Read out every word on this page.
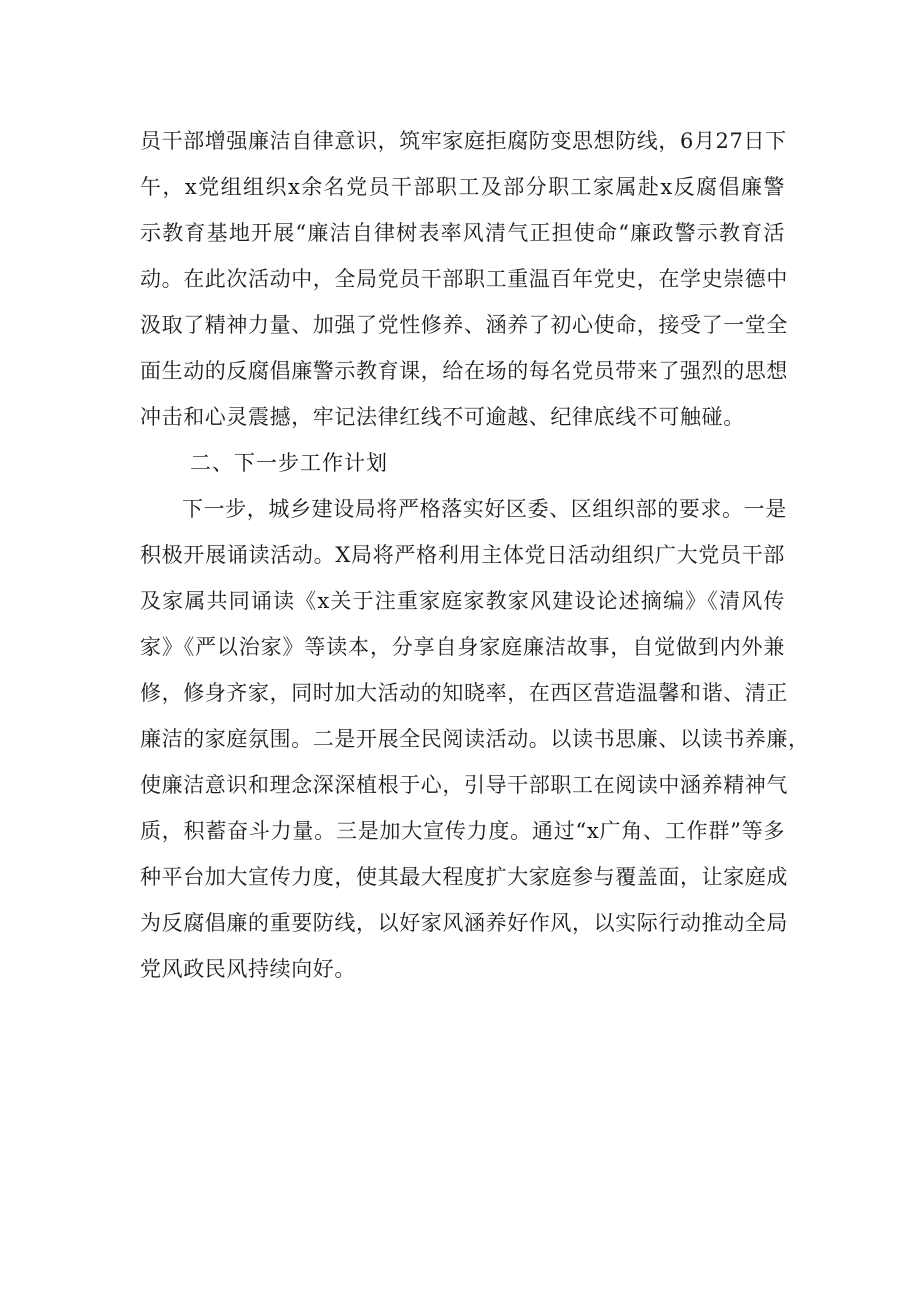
员干部增强廉洁自律意识，筑牢家庭拒腐防变思想防线，6月27日下
午，x党组组织x余名党员干部职工及部分职工家属赴x反腐倡廉警
示教育基地开展“廉洁自律树表率风清气正担使命“廉政警示教育活
动。在此次活动中，全局党员干部职工重温百年党史，在学史崇德中
汲取了精神力量、加强了党性修养、涵养了初心使命，接受了一堂全
面生动的反腐倡廉警示教育课，给在场的每名党员带来了强烈的思想
冲击和心灵震撼，牢记法律红线不可逾越、纪律底线不可触碰。
二、下一步工作计划
下一步，城乡建设局将严格落实好区委、区组织部的要求。一是
积极开展诵读活动。X局将严格利用主体党日活动组织广大党员干部
及家属共同诵读《x关于注重家庭家教家风建设论述摘编》《清风传
家》《严以治家》等读本，分享自身家庭廉洁故事，自觉做到内外兼
修，修身齐家，同时加大活动的知晓率，在西区营造温馨和谐、清正
廉洁的家庭氛围。二是开展全民阅读活动。以读书思廉、以读书养廉，
使廉洁意识和理念深深植根于心，引导干部职工在阅读中涵养精神气
质，积蓄奋斗力量。三是加大宣传力度。通过“x广角、工作群”等多
种平台加大宣传力度，使其最大程度扩大家庭参与覆盖面，让家庭成
为反腐倡廉的重要防线，以好家风涵养好作风，以实际行动推动全局
党风政民风持续向好。
